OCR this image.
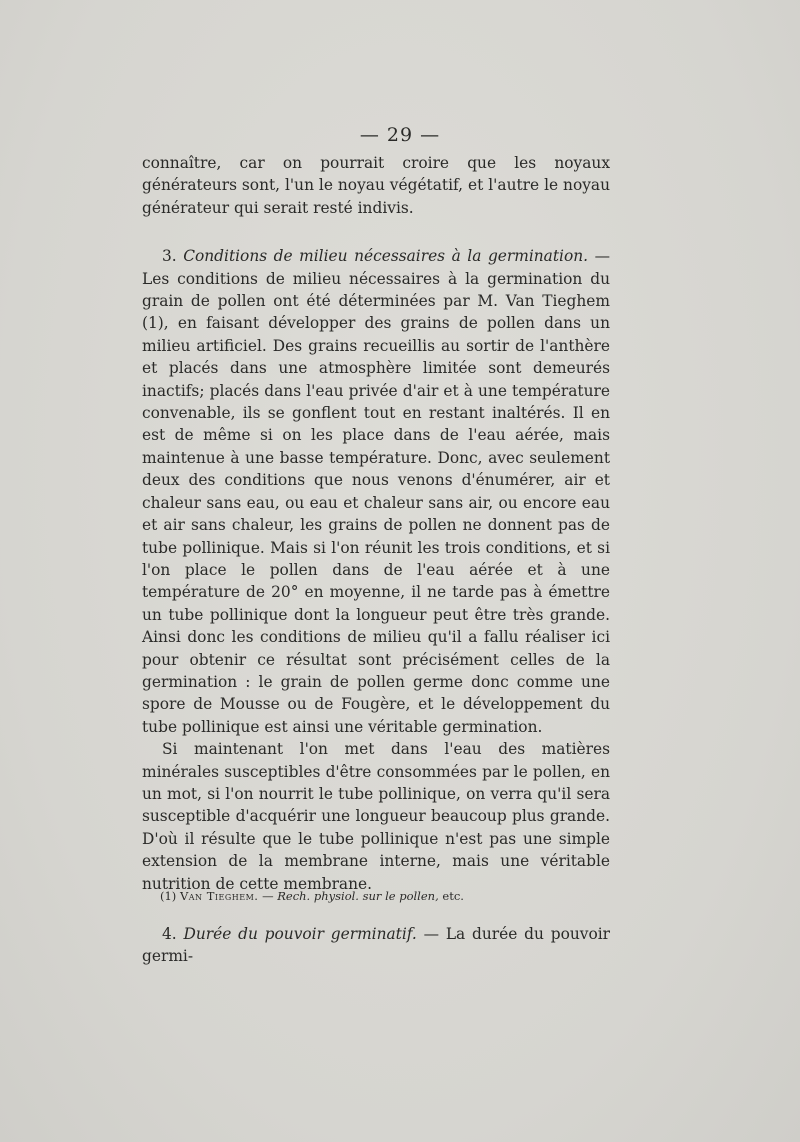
— 29 —

connaître, car on pourrait croire que les noyaux générateurs sont, l'un le noyau végétatif, et l'autre le noyau générateur qui serait resté indivis.

3. Conditions de milieu nécessaires à la germination. — Les conditions de milieu nécessaires à la germination du grain de pollen ont été déterminées par M. Van Tieghem (1), en faisant développer des grains de pollen dans un milieu artificiel. Des grains recueillis au sortir de l'anthère et placés dans une atmosphère limitée sont demeurés inactifs; placés dans l'eau privée d'air et à une température convenable, ils se gonflent tout en restant inaltérés. Il en est de même si on les place dans de l'eau aérée, mais maintenue à une basse température. Donc, avec seulement deux des conditions que nous venons d'énumérer, air et chaleur sans eau, ou eau et chaleur sans air, ou encore eau et air sans chaleur, les grains de pollen ne donnent pas de tube pollinique. Mais si l'on réunit les trois conditions, et si l'on place le pollen dans de l'eau aérée et à une température de 20° en moyenne, il ne tarde pas à émettre un tube pollinique dont la longueur peut être très grande. Ainsi donc les conditions de milieu qu'il a fallu réaliser ici pour obtenir ce résultat sont précisément celles de la germination : le grain de pollen germe donc comme une spore de Mousse ou de Fougère, et le développement du tube pollinique est ainsi une véritable germination.

Si maintenant l'on met dans l'eau des matières minérales susceptibles d'être consommées par le pollen, en un mot, si l'on nourrit le tube pollinique, on verra qu'il sera susceptible d'acquérir une longueur beaucoup plus grande. D'où il résulte que le tube pollinique n'est pas une simple extension de la membrane interne, mais une véritable nutrition de cette membrane.

4. Durée du pouvoir germinatif. — La durée du pouvoir germi-

(1) Van Tieghem. — Rech. physiol. sur le pollen, etc.
